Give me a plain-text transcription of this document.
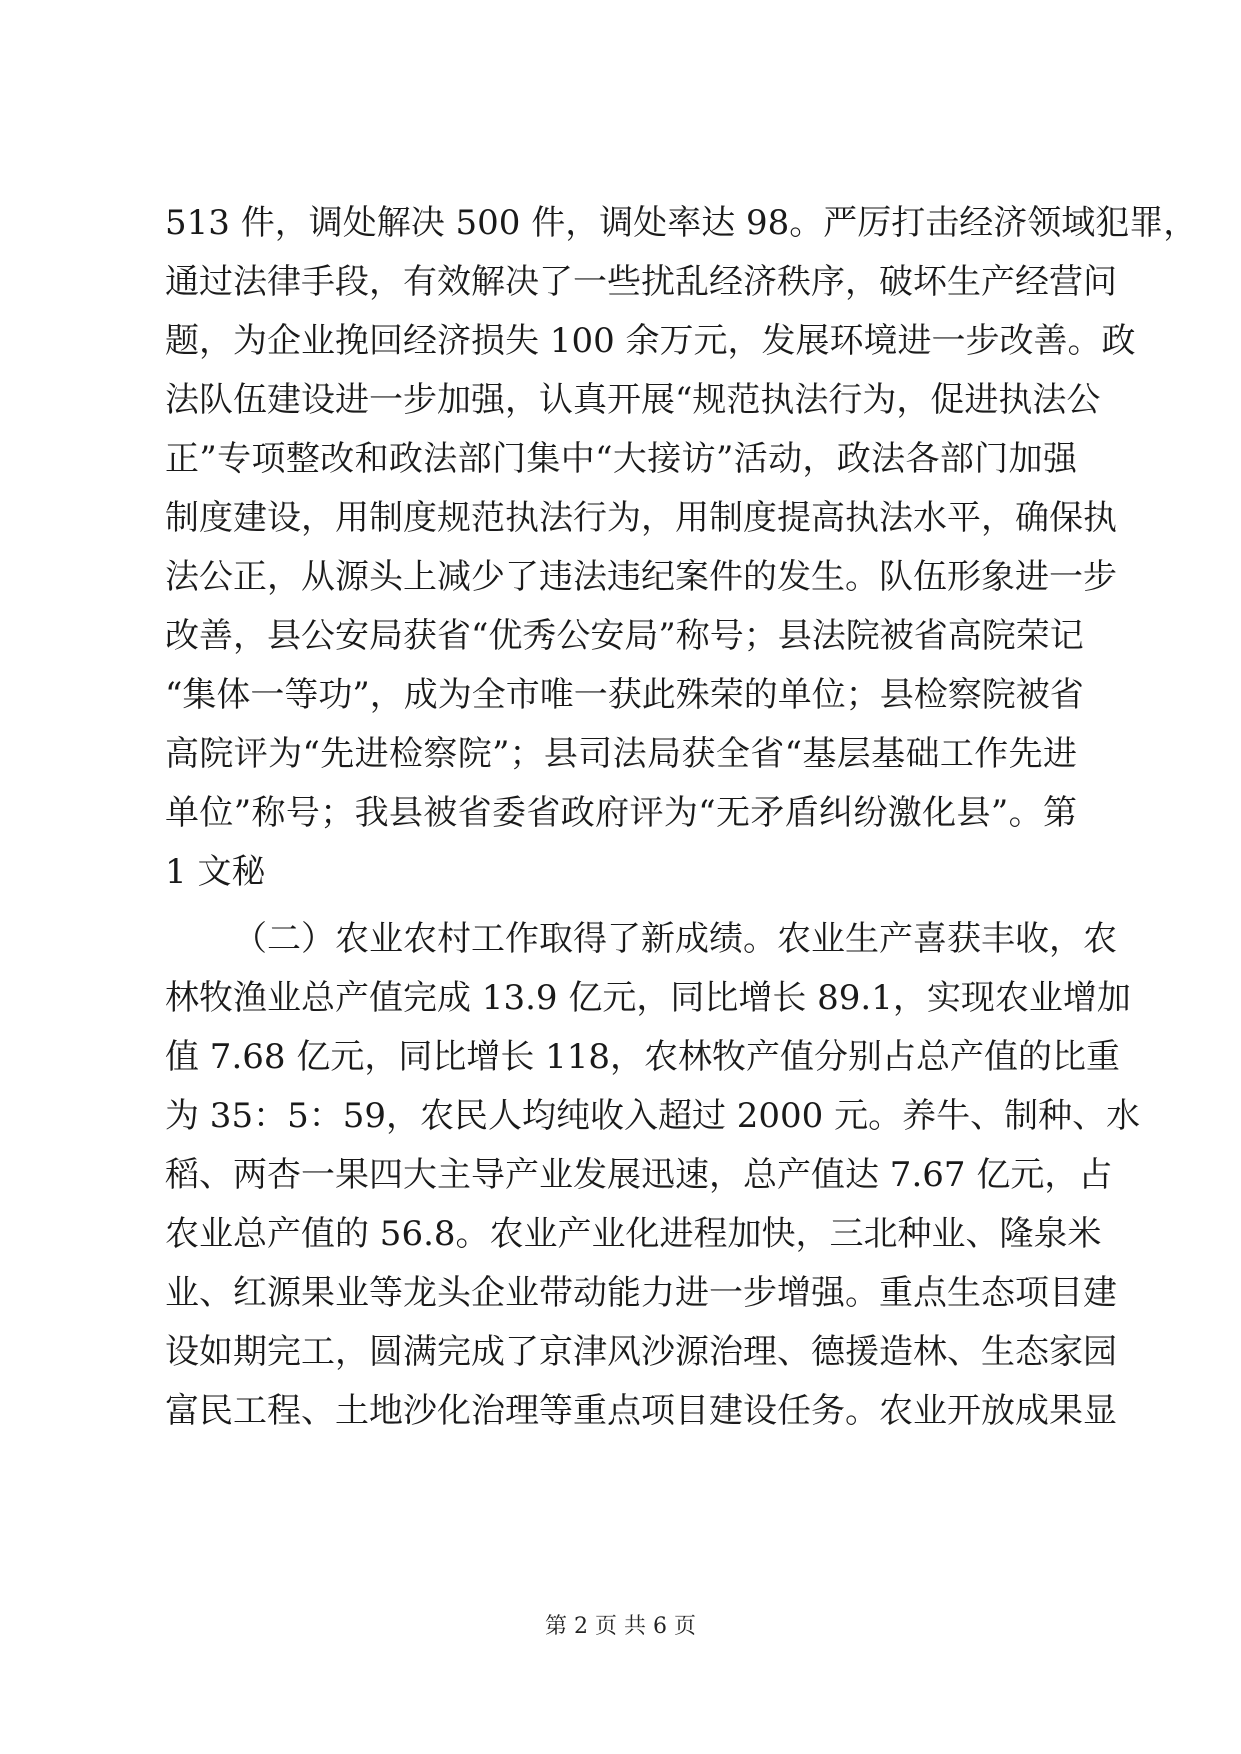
513 件，调处解决 500 件，调处率达 98。严厉打击经济领域犯罪，
通过法律手段，有效解决了一些扰乱经济秩序，破坏生产经营问
题，为企业挽回经济损失 100 余万元，发展环境进一步改善。政
法队伍建设进一步加强，认真开展“规范执法行为，促进执法公
正”专项整改和政法部门集中“大接访”活动，政法各部门加强
制度建设，用制度规范执法行为，用制度提高执法水平，确保执
法公正，从源头上减少了违法违纪案件的发生。队伍形象进一步
改善，县公安局获省“优秀公安局”称号；县法院被省高院荣记
“集体一等功”，成为全市唯一获此殊荣的单位；县检察院被省
高院评为“先进检察院”；县司法局获全省“基层基础工作先进
单位”称号；我县被省委省政府评为“无矛盾纠纷激化县”。第
1 文秘
（二）农业农村工作取得了新成绩。农业生产喜获丰收，农
林牧渔业总产值完成 13.9 亿元，同比增长 89.1，实现农业增加
值 7.68 亿元，同比增长 118，农林牧产值分别占总产值的比重
为 35：5：59，农民人均纯收入超过 2000 元。养牛、制种、水
稻、两杏一果四大主导产业发展迅速，总产值达 7.67 亿元，占
农业总产值的 56.8。农业产业化进程加快，三北种业、隆泉米
业、红源果业等龙头企业带动能力进一步增强。重点生态项目建
设如期完工，圆满完成了京津风沙源治理、德援造林、生态家园
富民工程、土地沙化治理等重点项目建设任务。农业开放成果显
第 2 页 共 6 页
